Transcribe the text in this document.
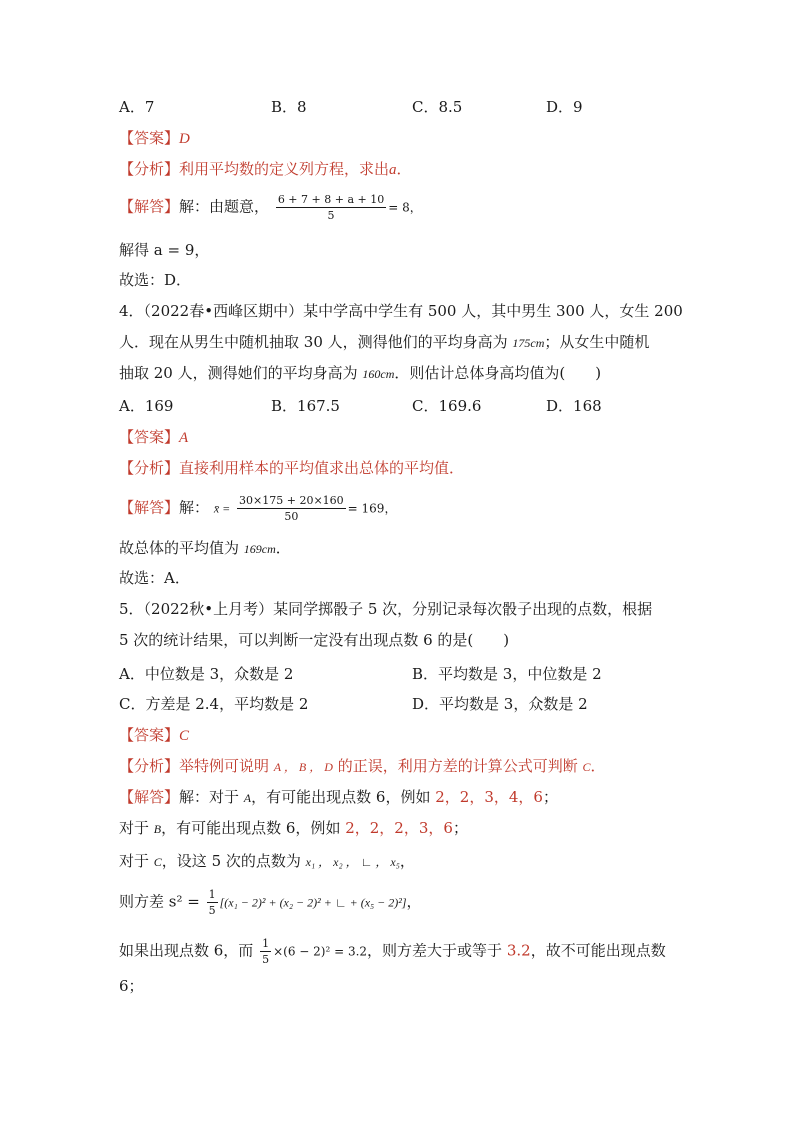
A．7	B．8	C．8.5	D．9
【答案】D
【分析】利用平均数的定义列方程，求出a．
【解答】解：由题意， $\frac{6 + 7 + 8 + a + 10}{5} = 8$，
解得 a = 9，
故选：D．
4．（2022春•西峰区期中）某中学高中学生有 500 人，其中男生 300 人，女生 200
人．现在从男生中随机抽取 30 人，测得他们的平均身高为 175cm；从女生中随机
抽取 20 人，测得她们的平均身高为 160cm．则估计总体身高均值为(　　)
A．169	B．167.5	C．169.6	D．168
【答案】A
【分析】直接利用样本的平均值求出总体的平均值．
【解答】解： x̄ = $\frac{30\times 175 + 20\times 160}{50} = 169$，
故总体的平均值为 169cm．
故选：A．
5．（2022秋•上月考）某同学掷骰子 5 次，分别记录每次骰子出现的点数，根据
5 次的统计结果，可以判断一定没有出现点数 6 的是(　　)
A．中位数是 3，众数是 2	B．平均数是 3，中位数是 2
C．方差是 2.4，平均数是 2	D．平均数是 3，众数是 2
【答案】C
【分析】举特例可说明 A ， B ， D 的正误，利用方差的计算公式可判断 C．
【解答】解：对于 A，有可能出现点数 6，例如 2，2，3，4，6；
对于 B，有可能出现点数 6，例如 2，2，2，3，6；
对于 C，设这 5 次的点数为 x₁ ， x₂ ， ∟ ， x₅，
则方差 $s^2 = \frac{1}{5} [(x_1 - 2)^2 + (x_2 - 2)^2$ + ∟ + (x₅ − 2)²]，
如果出现点数 6，而 $\frac{1}{5} \times(6 - 2)^2 = 3.2$，则方差大于或等于 3.2，故不可能出现点数
6；
